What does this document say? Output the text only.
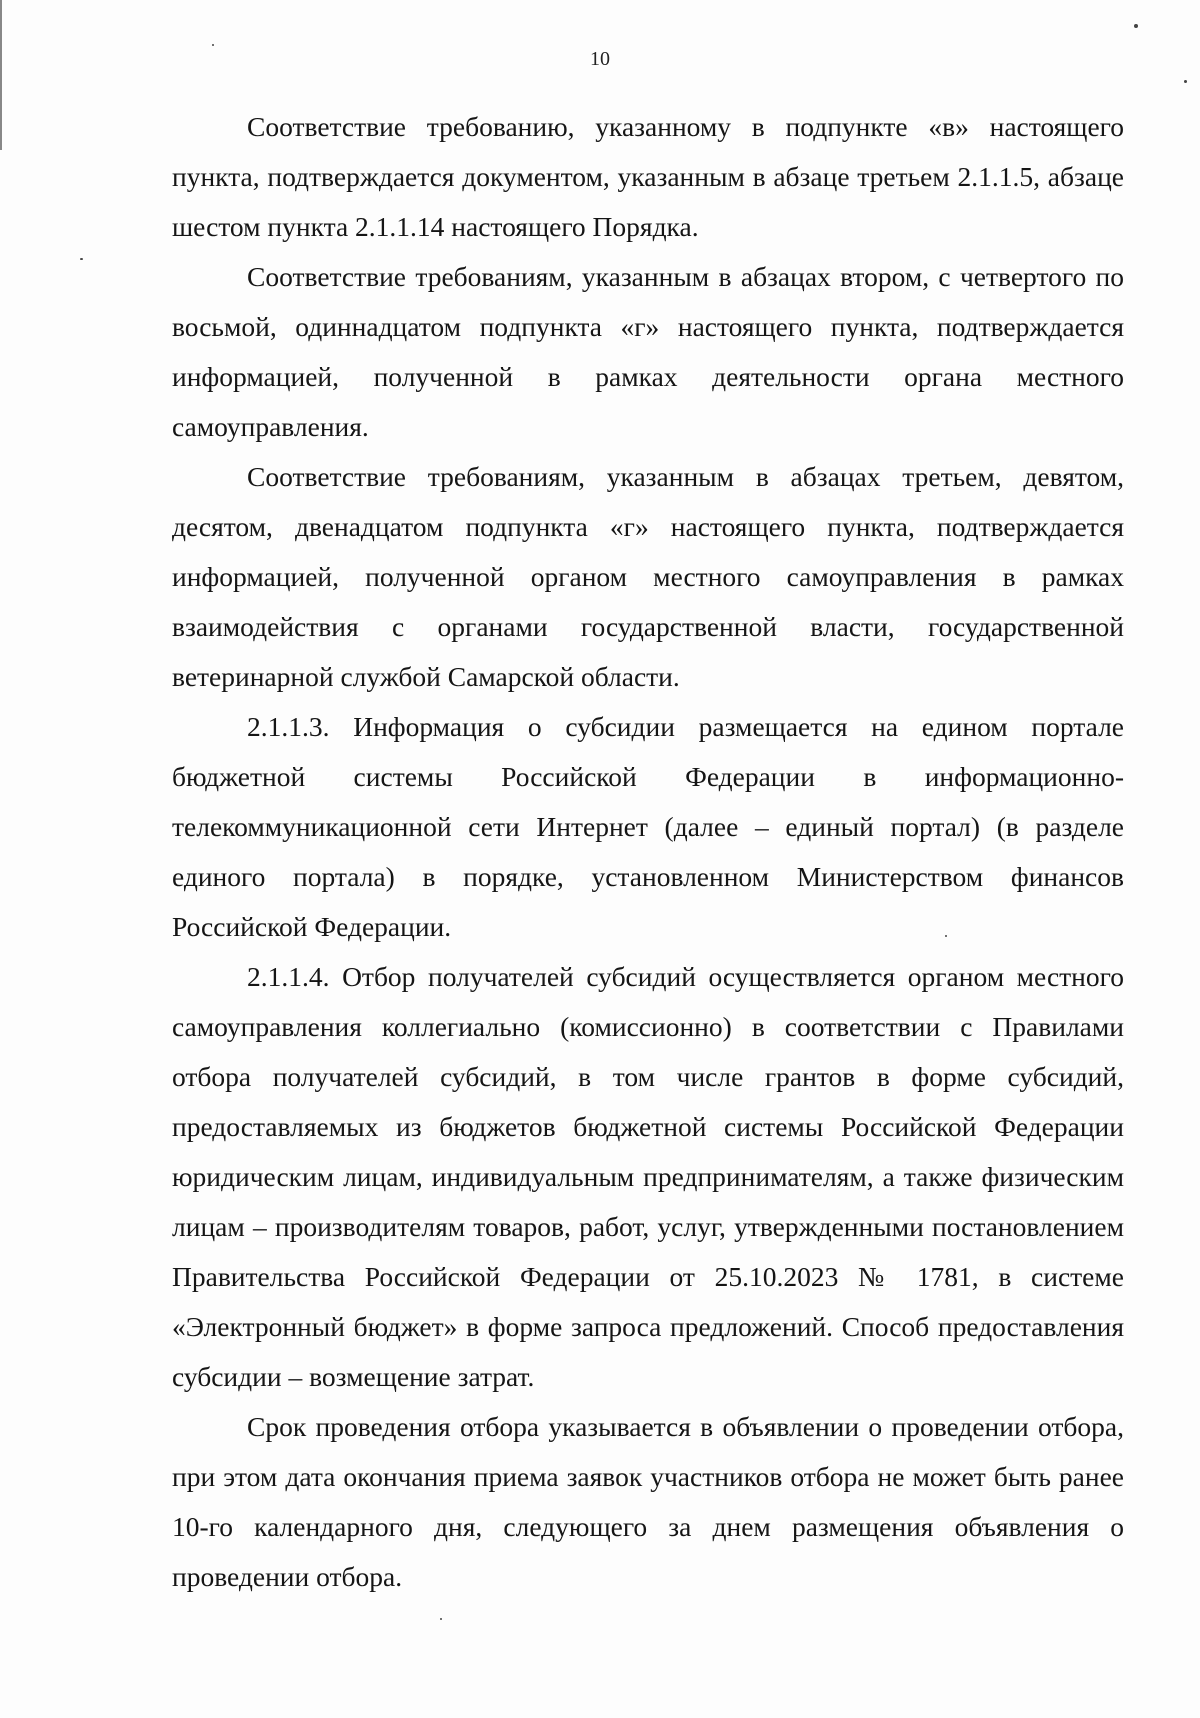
10

Соответствие требованию, указанному в подпункте «в» настоящего пункта, подтверждается документом, указанным в абзаце третьем 2.1.1.5, абзаце шестом пункта 2.1.1.14 настоящего Порядка.

Соответствие требованиям, указанным в абзацах втором, с четвертого по восьмой, одиннадцатом подпункта «г» настоящего пункта, подтверждается информацией, полученной в рамках деятельности органа местного самоуправления.

Соответствие требованиям, указанным в абзацах третьем, девятом, десятом, двенадцатом подпункта «г» настоящего пункта, подтверждается информацией, полученной органом местного самоуправления в рамках взаимодействия с органами государственной власти, государственной ветеринарной службой Самарской области.

2.1.1.3. Информация о субсидии размещается на едином портале бюджетной системы Российской Федерации в информационно-телекоммуникационной сети Интернет (далее – единый портал) (в разделе единого портала) в порядке, установленном Министерством финансов Российской Федерации.

2.1.1.4. Отбор получателей субсидий осуществляется органом местного самоуправления коллегиально (комиссионно) в соответствии с Правилами отбора получателей субсидий, в том числе грантов в форме субсидий, предоставляемых из бюджетов бюджетной системы Российской Федерации юридическим лицам, индивидуальным предпринимателям, а также физическим лицам – производителям товаров, работ, услуг, утвержденными постановлением Правительства Российской Федерации от 25.10.2023 № 1781, в системе «Электронный бюджет» в форме запроса предложений. Способ предоставления субсидии – возмещение затрат.

Срок проведения отбора указывается в объявлении о проведении отбора, при этом дата окончания приема заявок участников отбора не может быть ранее 10-го календарного дня, следующего за днем размещения объявления о проведении отбора.
